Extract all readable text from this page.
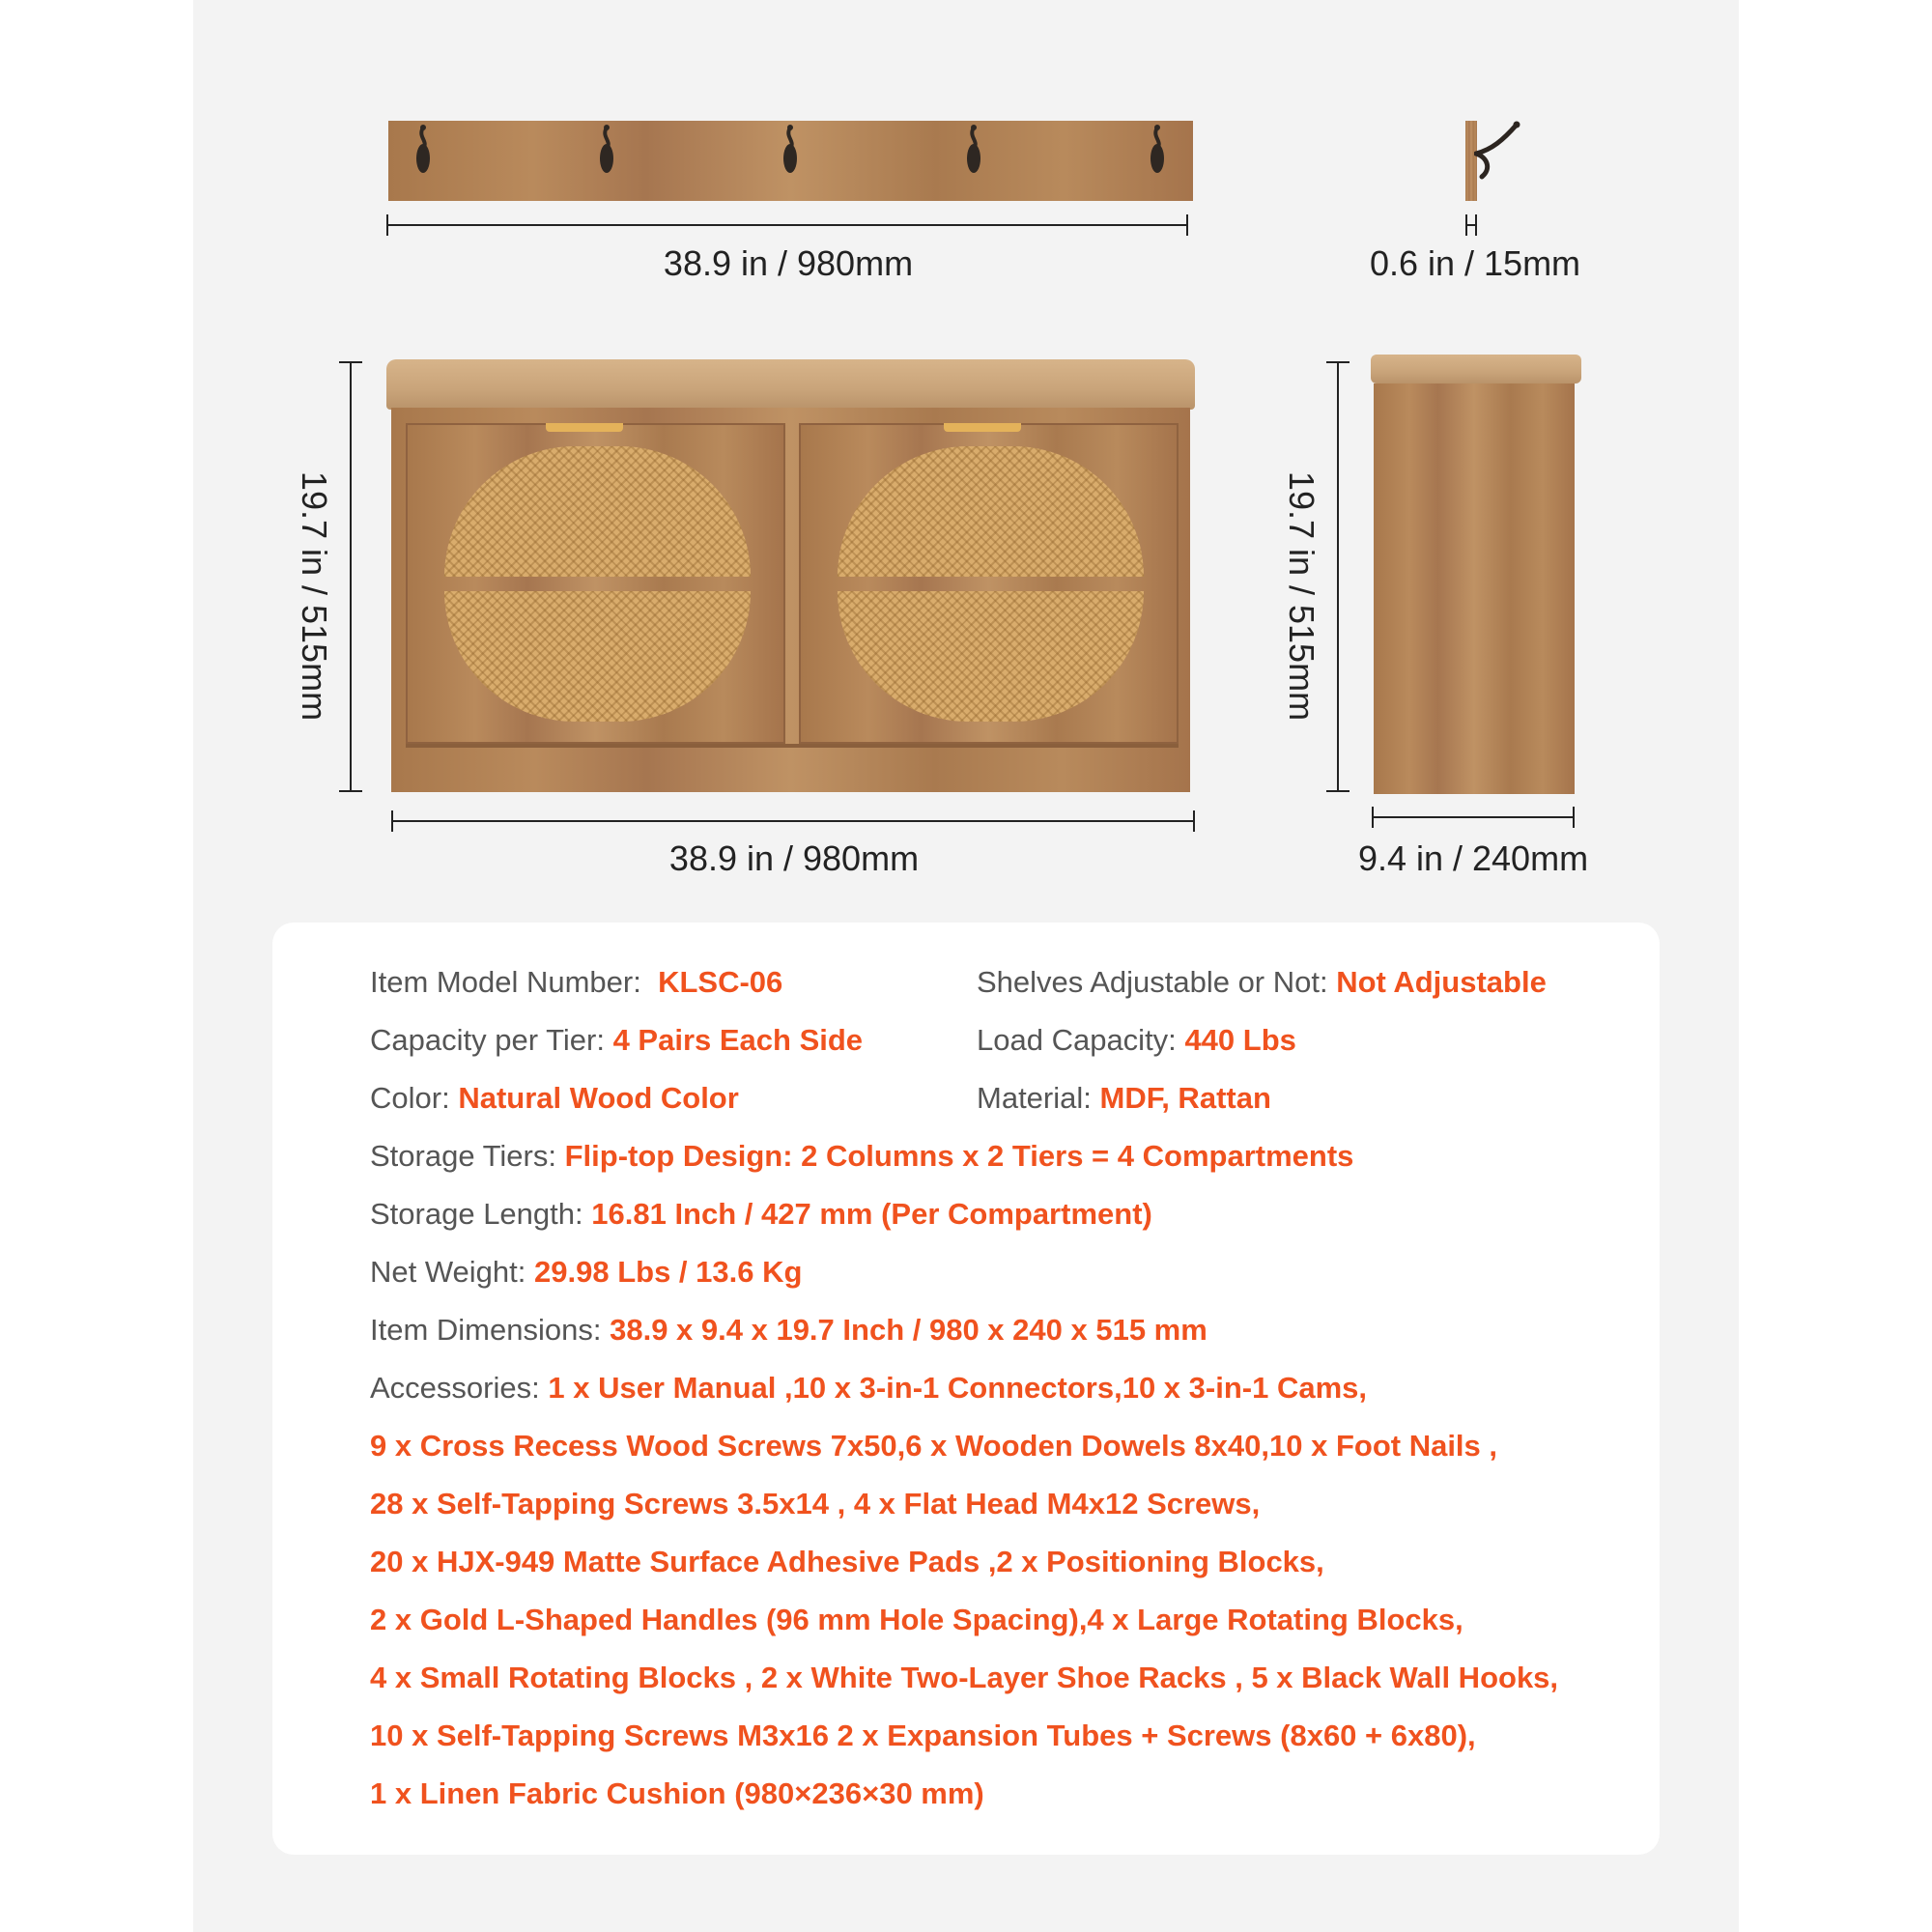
38.9 in / 980mm	0.6 in / 15mm
19.7 in / 515mm
38.9 in / 980mm
19.7 in / 515mm
9.4 in / 240mm
Item Model Number: KLSC-06	Shelves Adjustable or Not: Not Adjustable
Capacity per Tier: 4 Pairs Each Side	Load Capacity: 440 Lbs
Color: Natural Wood Color	Material: MDF, Rattan
Storage Tiers: Flip-top Design: 2 Columns x 2 Tiers = 4 Compartments
Storage Length: 16.81 Inch / 427 mm (Per Compartment)
Net Weight: 29.98 Lbs / 13.6 Kg
Item Dimensions: 38.9 x 9.4 x 19.7 Inch / 980 x 240 x 515 mm
Accessories: 1 x User Manual ,10 x 3-in-1 Connectors,10 x 3-in-1 Cams,
9 x Cross Recess Wood Screws 7x50,6 x Wooden Dowels 8x40,10 x Foot Nails ,
28 x Self-Tapping Screws 3.5x14 , 4 x Flat Head M4x12 Screws,
20 x HJX-949 Matte Surface Adhesive Pads ,2 x Positioning Blocks,
2 x Gold L-Shaped Handles (96 mm Hole Spacing),4 x Large Rotating Blocks,
4 x Small Rotating Blocks , 2 x White Two-Layer Shoe Racks , 5 x Black Wall Hooks,
10 x Self-Tapping Screws M3x16 2 x Expansion Tubes + Screws (8x60 + 6x80),
1 x Linen Fabric Cushion (980×236×30 mm)
